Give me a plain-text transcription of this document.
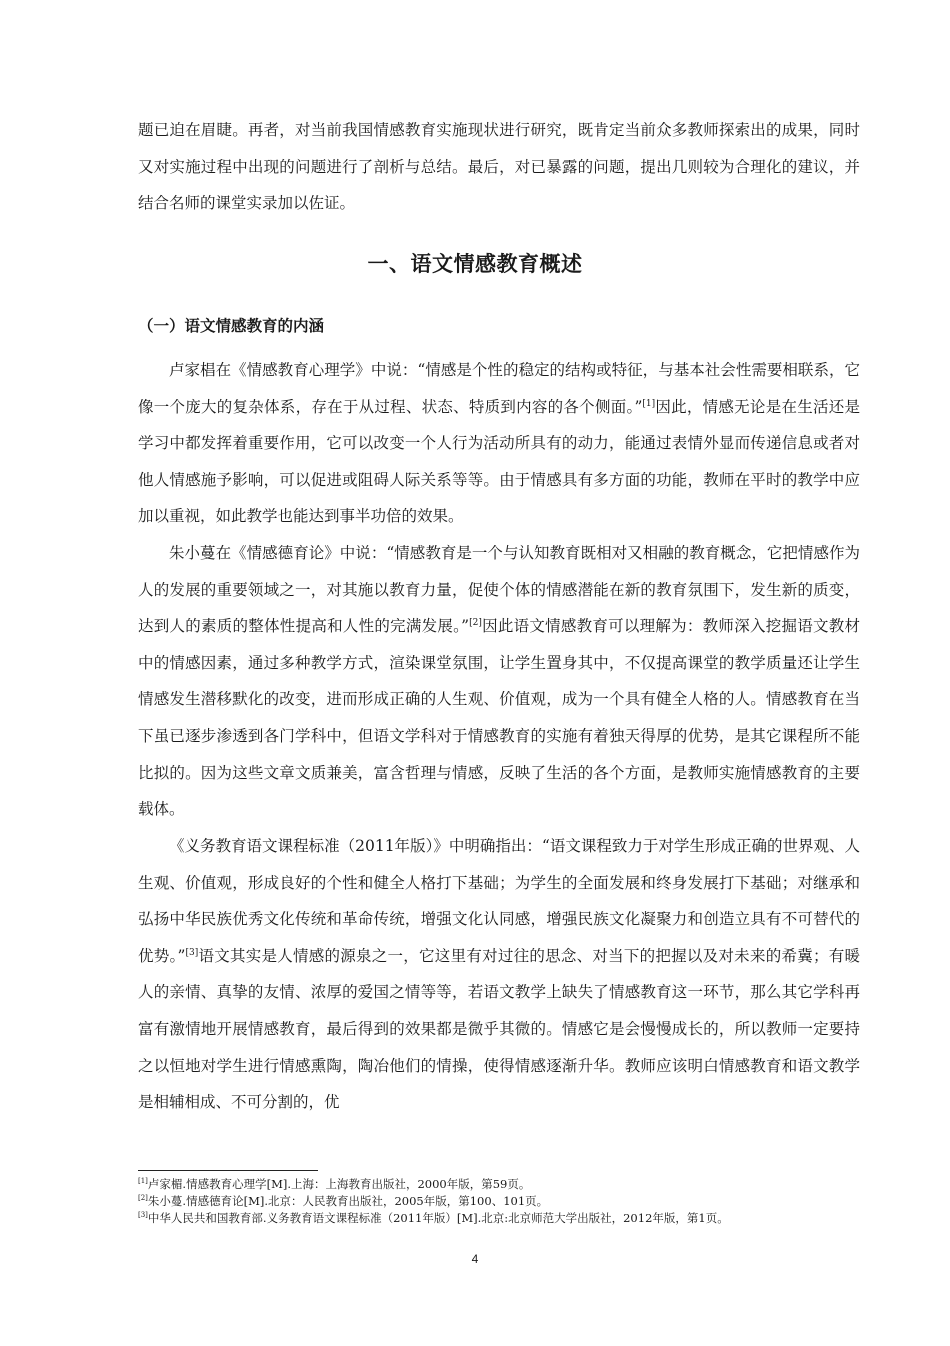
题已迫在眉睫。再者，对当前我国情感教育实施现状进行研究，既肯定当前众多教师探索出的成果，同时又对实施过程中出现的问题进行了剖析与总结。最后，对已暴露的问题，提出几则较为合理化的建议，并结合名师的课堂实录加以佐证。

一、语文情感教育概述
（一）语文情感教育的内涵

卢家椙在《情感教育心理学》中说：“情感是个性的稳定的结构或特征，与基本社会性需要相联系，它像一个庞大的复杂体系，存在于从过程、状态、特质到内容的各个侧面。”[1]因此，情感无论是在生活还是学习中都发挥着重要作用，它可以改变一个人行为活动所具有的动力，能通过表情外显而传递信息或者对他人情感施予影响，可以促进或阻碍人际关系等等。由于情感具有多方面的功能，教师在平时的教学中应加以重视，如此教学也能达到事半功倍的效果。

朱小蔓在《情感德育论》中说：“情感教育是一个与认知教育既相对又相融的教育概念，它把情感作为人的发展的重要领域之一，对其施以教育力量，促使个体的情感潜能在新的教育氛围下，发生新的质变，达到人的素质的整体性提高和人性的完满发展。”[2]因此语文情感教育可以理解为：教师深入挖掘语文教材中的情感因素，通过多种教学方式，渲染课堂氛围，让学生置身其中，不仅提高课堂的教学质量还让学生情感发生潜移默化的改变，进而形成正确的人生观、价值观，成为一个具有健全人格的人。情感教育在当下虽已逐步渗透到各门学科中，但语文学科对于情感教育的实施有着独天得厚的优势，是其它课程所不能比拟的。因为这些文章文质兼美，富含哲理与情感，反映了生活的各个方面，是教师实施情感教育的主要载体。

《义务教育语文课程标准（2011年版）》中明确指出：“语文课程致力于对学生形成正确的世界观、人生观、价值观，形成良好的个性和健全人格打下基础；为学生的全面发展和终身发展打下基础；对继承和弘扬中华民族优秀文化传统和革命传统，增强文化认同感，增强民族文化凝聚力和创造立具有不可替代的优势。”[3]语文其实是人情感的源泉之一，它这里有对过往的思念、对当下的把握以及对未来的希冀；有暖人的亲情、真挚的友情、浓厚的爱国之情等等，若语文教学上缺失了情感教育这一环节，那么其它学科再富有激情地开展情感教育，最后得到的效果都是微乎其微的。情感它是会慢慢成长的，所以教师一定要持之以恒地对学生进行情感熏陶，陶冶他们的情操，使得情感逐渐升华。教师应该明白情感教育和语文教学是相辅相成、不可分割的，优

[1]卢家楣.情感教育心理学[M].上海：上海教育出版社，2000年版，第59页。
[2]朱小蔓.情感德育论[M].北京：人民教育出版社，2005年版，第100、101页。
[3]中华人民共和国教育部.义务教育语文课程标准（2011年版）[M].北京:北京师范大学出版社，2012年版，第1页。
4
